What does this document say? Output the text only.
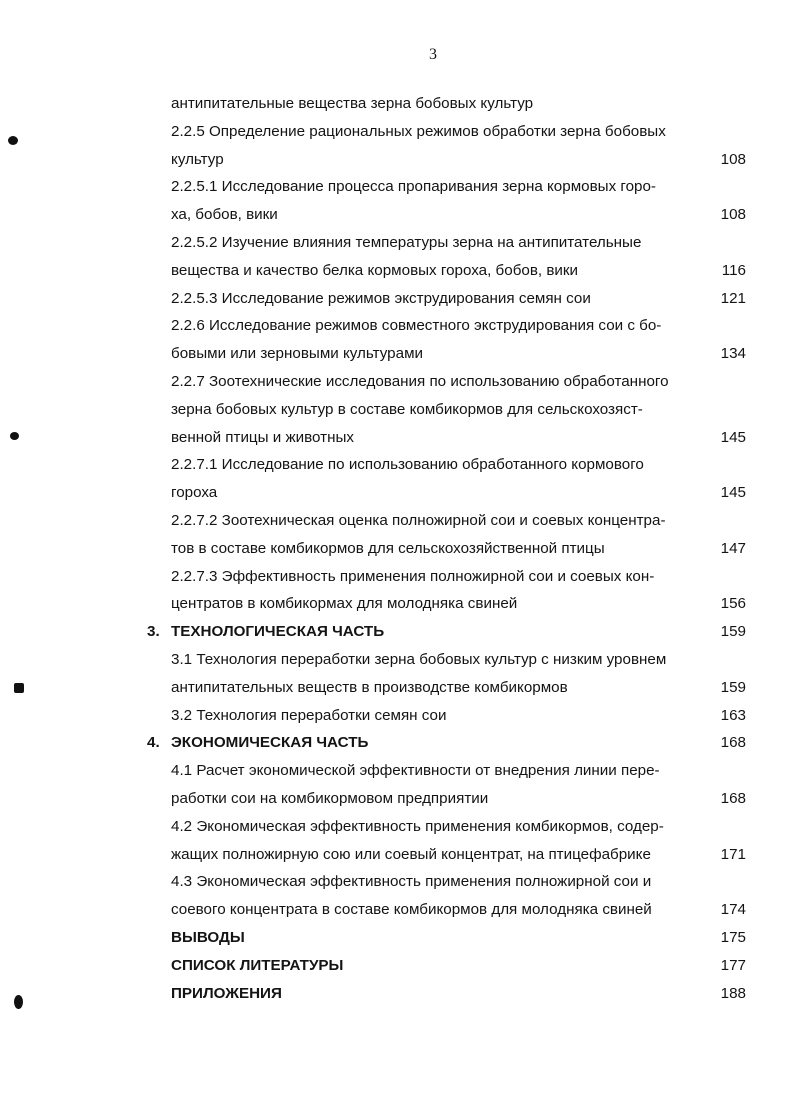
3
антипитательные вещества зерна бобовых культур
2.2.5 Определение рациональных режимов обработки зерна бобовых
культур	108
2.2.5.1 Исследование процесса пропаривания зерна кормовых горо-
ха, бобов, вики	108
2.2.5.2 Изучение влияния температуры зерна на антипитательные
вещества и качество белка кормовых гороха, бобов, вики	116
2.2.5.3 Исследование режимов экструдирования семян сои	121
2.2.6 Исследование режимов совместного экструдирования сои с бо-
бовыми или зерновыми культурами	134
2.2.7 Зоотехнические исследования по использованию обработанного
зерна бобовых культур в составе комбикормов для сельскохозяст-
венной птицы и животных	145
2.2.7.1 Исследование по использованию обработанного кормового
гороха	145
2.2.7.2 Зоотехническая оценка полножирной сои и соевых концентра-
тов в составе комбикормов для сельскохозяйственной птицы	147
2.2.7.3 Эффективность применения полножирной сои и соевых кон-
центратов в комбикормах для молодняка свиней	156
3. ТЕХНОЛОГИЧЕСКАЯ ЧАСТЬ	159
3.1 Технология переработки зерна бобовых культур с низким уровнем
антипитательных веществ в производстве комбикормов	159
3.2 Технология переработки семян сои	163
4. ЭКОНОМИЧЕСКАЯ ЧАСТЬ	168
4.1 Расчет экономической эффективности от внедрения линии пере-
работки сои на комбикормовом предприятии	168
4.2 Экономическая эффективность применения комбикормов, содер-
жащих полножирную сою или соевый концентрат, на птицефабрике	171
4.3 Экономическая эффективность применения полножирной сои и
соевого концентрата в составе комбикормов для молодняка свиней	174
ВЫВОДЫ	175
СПИСОК ЛИТЕРАТУРЫ	177
ПРИЛОЖЕНИЯ	188
